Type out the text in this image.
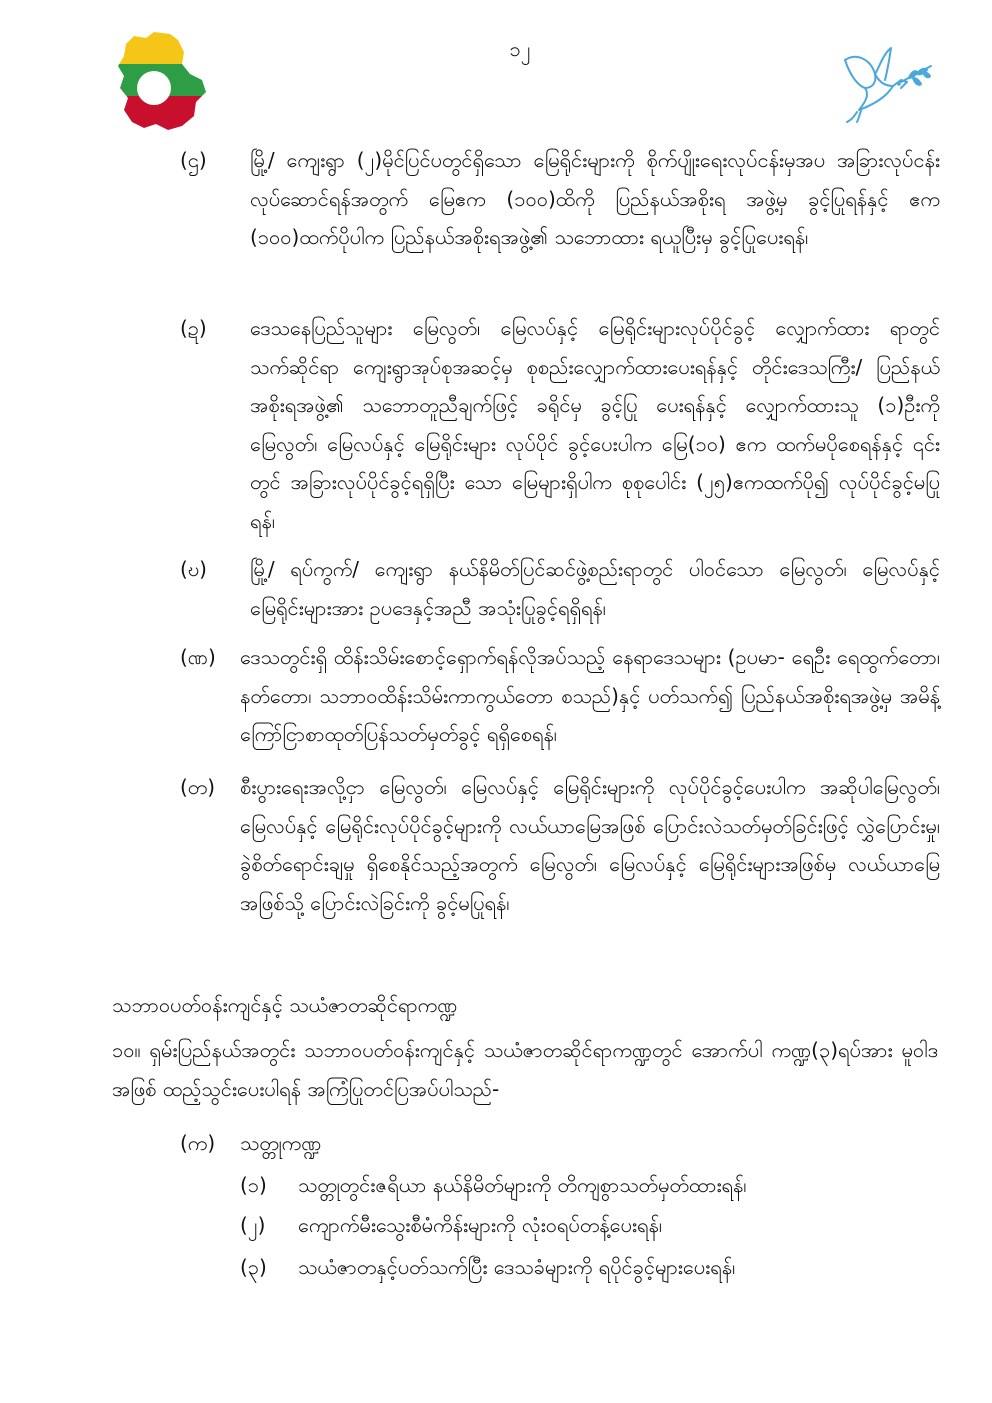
၁၂
(ဌ) မြို့/ ကျေးရွာ (၂)မိုင်ပြင်ပတွင်ရှိသော မြေရိုင်းများကို စိုက်ပျိုးရေးလုပ်ငန်းမှအပ အခြားလုပ်ငန်း လုပ်ဆောင်ရန်အတွက် မြေဧက (၁၀၀)ထိကို ပြည်နယ်အစိုးရ အဖွဲ့မှ ခွင့်ပြုရန်နှင့် ဧက (၁၀၀)ထက်ပိုပါက ပြည်နယ်အစိုးရအဖွဲ့၏ သဘောထား ရယူပြီးမှ ခွင့်ပြုပေးရန်၊
(ဍ) ဒေသနေပြည်သူများ မြေလွတ်၊ မြေလပ်နှင့် မြေရိုင်းများလုပ်ပိုင်ခွင့် လျှောက်ထား ရာတွင် သက်ဆိုင်ရာ ကျေးရွာအုပ်စုအဆင့်မှ စုစည်းလျှောက်ထားပေးရန်နှင့် တိုင်းဒေသကြီး/ ပြည်နယ်အစိုးရအဖွဲ့၏ သဘောတူညီချက်ဖြင့် ခရိုင်မှ ခွင့်ပြု ပေးရန်နှင့် လျှောက်ထားသူ (၁)ဦးကို မြေလွတ်၊ မြေလပ်နှင့် မြေရိုင်းများ လုပ်ပိုင် ခွင့်ပေးပါက မြေ(၁၀) ဧက ထက်မပိုစေရန်နှင့် ၎င်းတွင် အခြားလုပ်ပိုင်ခွင့်ရရှိပြီး သော မြေများရှိပါက စုစုပေါင်း (၂၅)ဧကထက်ပို၍ လုပ်ပိုင်ခွင့်မပြုရန်၊
(ဎ) မြို့/ ရပ်ကွက်/ ကျေးရွာ နယ်နိမိတ်ပြင်ဆင်ဖွဲ့စည်းရာတွင် ပါဝင်သော မြေလွတ်၊ မြေလပ်နှင့် မြေရိုင်းများအား ဥပဒေနှင့်အညီ အသုံးပြုခွင့်ရရှိရန်၊
(ဏ) ဒေသတွင်းရှိ ထိန်းသိမ်းစောင့်ရှောက်ရန်လိုအပ်သည့် နေရာဒေသများ (ဥပမာ- ရေဦး ရေထွက်တော၊ နတ်တော၊ သဘာဝထိန်းသိမ်းကာကွယ်တော စသည်)နှင့် ပတ်သက်၍ ပြည်နယ်အစိုးရအဖွဲ့မှ အမိန့်ကြော်ငြာစာထုတ်ပြန်သတ်မှတ်ခွင့် ရရှိစေရန်၊
(တ) စီးပွားရေးအလို့ငှာ မြေလွတ်၊ မြေလပ်နှင့် မြေရိုင်းများကို လုပ်ပိုင်ခွင့်ပေးပါက အဆိုပါမြေလွတ်၊ မြေလပ်နှင့် မြေရိုင်းလုပ်ပိုင်ခွင့်များကို လယ်ယာမြေအဖြစ် ပြောင်းလဲသတ်မှတ်ခြင်းဖြင့် လွှဲပြောင်းမှု၊ ခွဲစိတ်ရောင်းချမှု ရှိစေနိုင်သည့်အတွက် မြေလွတ်၊ မြေလပ်နှင့် မြေရိုင်းများအဖြစ်မှ လယ်ယာမြေအဖြစ်သို့ ပြောင်းလဲခြင်းကို ခွင့်မပြုရန်၊
သဘာဝပတ်ဝန်းကျင်နှင့် သယံဇာတဆိုင်ရာကဏ္ဍ
၁၀။ ရှမ်းပြည်နယ်အတွင်း သဘာဝပတ်ဝန်းကျင်နှင့် သယံဇာတဆိုင်ရာကဏ္ဍတွင် အောက်ပါ ကဏ္ဍ(၃)ရပ်အား မူဝါဒအဖြစ် ထည့်သွင်းပေးပါရန် အကြံပြုတင်ပြအပ်ပါသည်-
(က) သတ္တုကဏ္ဍ
(၁) သတ္တုတွင်းဇရိယာ နယ်နိမိတ်များကို တိကျစွာသတ်မှတ်ထားရန်၊
(၂) ကျောက်မီးသွေးစီမံကိန်းများကို လုံးဝရပ်တန့်ပေးရန်၊
(၃) သယံဇာတနှင့်ပတ်သက်ပြီး ဒေသခံများကို ရပိုင်ခွင့်များပေးရန်၊
